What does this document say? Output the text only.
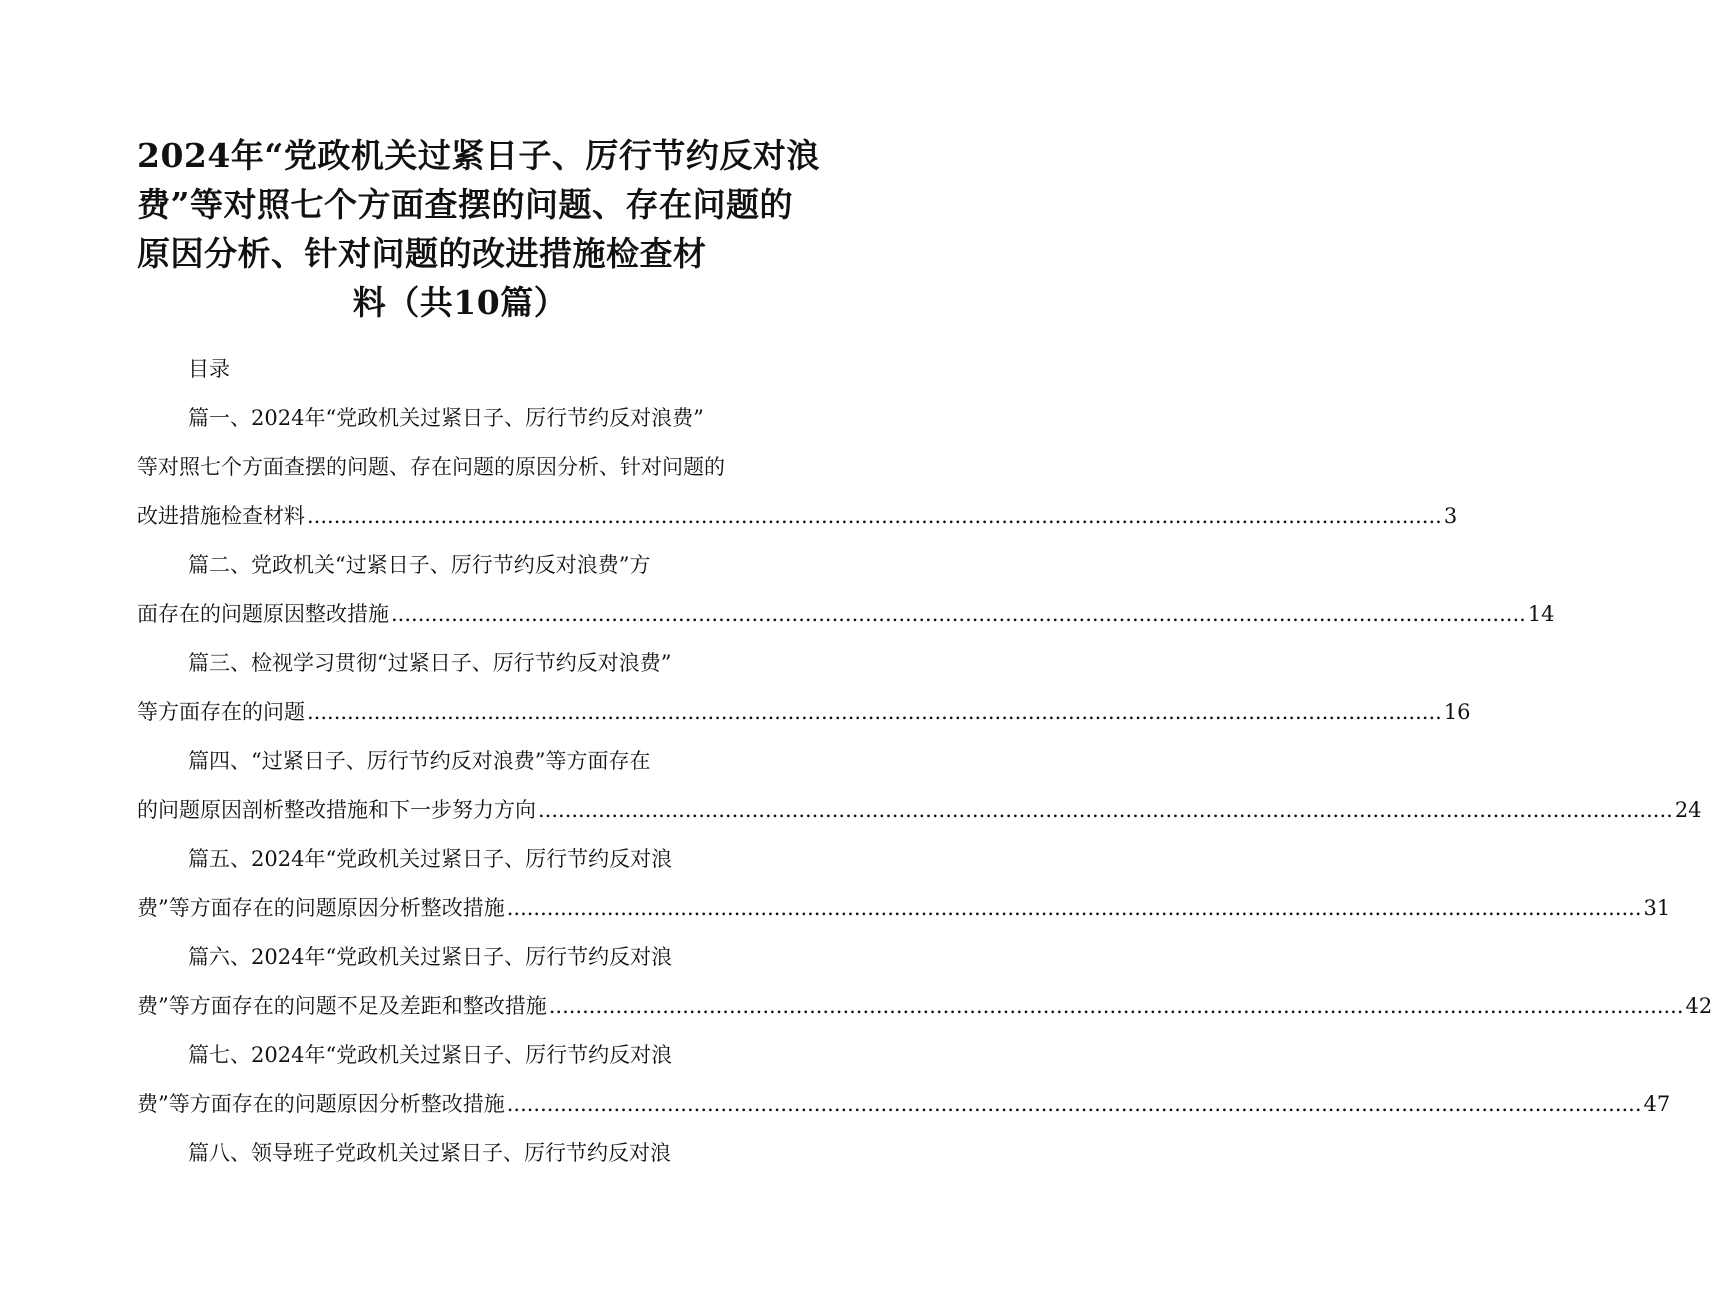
2024年“党政机关过紧日子、厉行节约反对浪
费”等对照七个方面查摆的问题、存在问题的
原因分析、针对问题的改进措施检查材
料（共10篇）
目录
篇一、2024年“党政机关过紧日子、厉行节约反对浪费”
等对照七个方面查摆的问题、存在问题的原因分析、针对问题的
改进措施检查材料 .......................................................................................................................................................................... 3
篇二、党政机关“过紧日子、厉行节约反对浪费”方
面存在的问题原因整改措施 .......................................................................................................................................................................... 14
篇三、检视学习贯彻“过紧日子、厉行节约反对浪费”
等方面存在的问题 .......................................................................................................................................................................... 16
篇四、“过紧日子、厉行节约反对浪费”等方面存在
的问题原因剖析整改措施和下一步努力方向 .......................................................................................................................................................................... 24
篇五、2024年“党政机关过紧日子、厉行节约反对浪
费”等方面存在的问题原因分析整改措施 .......................................................................................................................................................................... 31
篇六、2024年“党政机关过紧日子、厉行节约反对浪
费”等方面存在的问题不足及差距和整改措施 .......................................................................................................................................................................... 42
篇七、2024年“党政机关过紧日子、厉行节约反对浪
费”等方面存在的问题原因分析整改措施 .......................................................................................................................................................................... 47
篇八、领导班子党政机关过紧日子、厉行节约反对浪
